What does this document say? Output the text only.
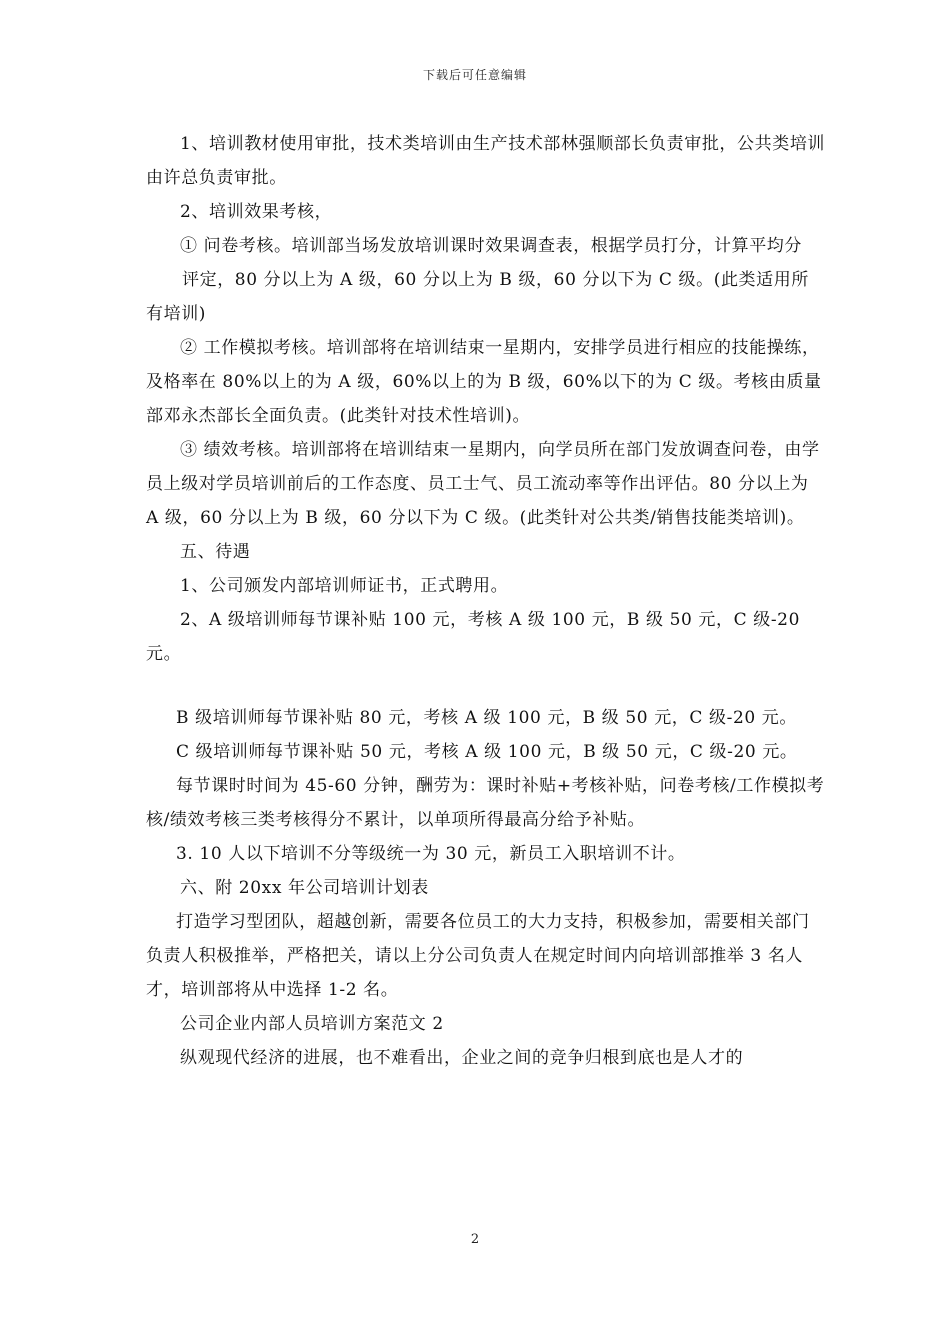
下载后可任意编辑

1、培训教材使用审批，技术类培训由生产技术部林强顺部长负责审批，公共类培训由许总负责审批。

2、培训效果考核，

① 问卷考核。培训部当场发放培训课时效果调查表，根据学员打分，计算平均分

评定，80 分以上为 A 级，60 分以上为 B 级，60 分以下为 C 级。(此类适用所有培训)

② 工作模拟考核。培训部将在培训结束一星期内，安排学员进行相应的技能操练，及格率在 80%以上的为 A 级，60%以上的为 B 级，60%以下的为 C 级。考核由质量部邓永杰部长全面负责。(此类针对技术性培训)。

③ 绩效考核。培训部将在培训结束一星期内，向学员所在部门发放调查问卷，由学员上级对学员培训前后的工作态度、员工士气、员工流动率等作出评估。80 分以上为 A 级，60 分以上为 B 级，60 分以下为 C 级。(此类针对公共类/销售技能类培训)。

五、待遇

1、公司颁发内部培训师证书，正式聘用。

2、A 级培训师每节课补贴 100 元，考核 A 级 100 元，B 级 50 元，C 级-20 元。

B 级培训师每节课补贴 80 元，考核 A 级 100 元，B 级 50 元，C 级-20 元。

C 级培训师每节课补贴 50 元，考核 A 级 100 元，B 级 50 元，C 级-20 元。

每节课时时间为 45-60 分钟，酬劳为：课时补贴+考核补贴，问卷考核/工作模拟考核/绩效考核三类考核得分不累计，以单项所得最高分给予补贴。

3. 10 人以下培训不分等级统一为 30 元，新员工入职培训不计。

六、附 20xx 年公司培训计划表

打造学习型团队，超越创新，需要各位员工的大力支持，积极参加，需要相关部门负责人积极推举，严格把关，请以上分公司负责人在规定时间内向培训部推举 3 名人才，培训部将从中选择 1-2 名。

公司企业内部人员培训方案范文 2

纵观现代经济的进展，也不难看出，企业之间的竞争归根到底也是人才的

2
